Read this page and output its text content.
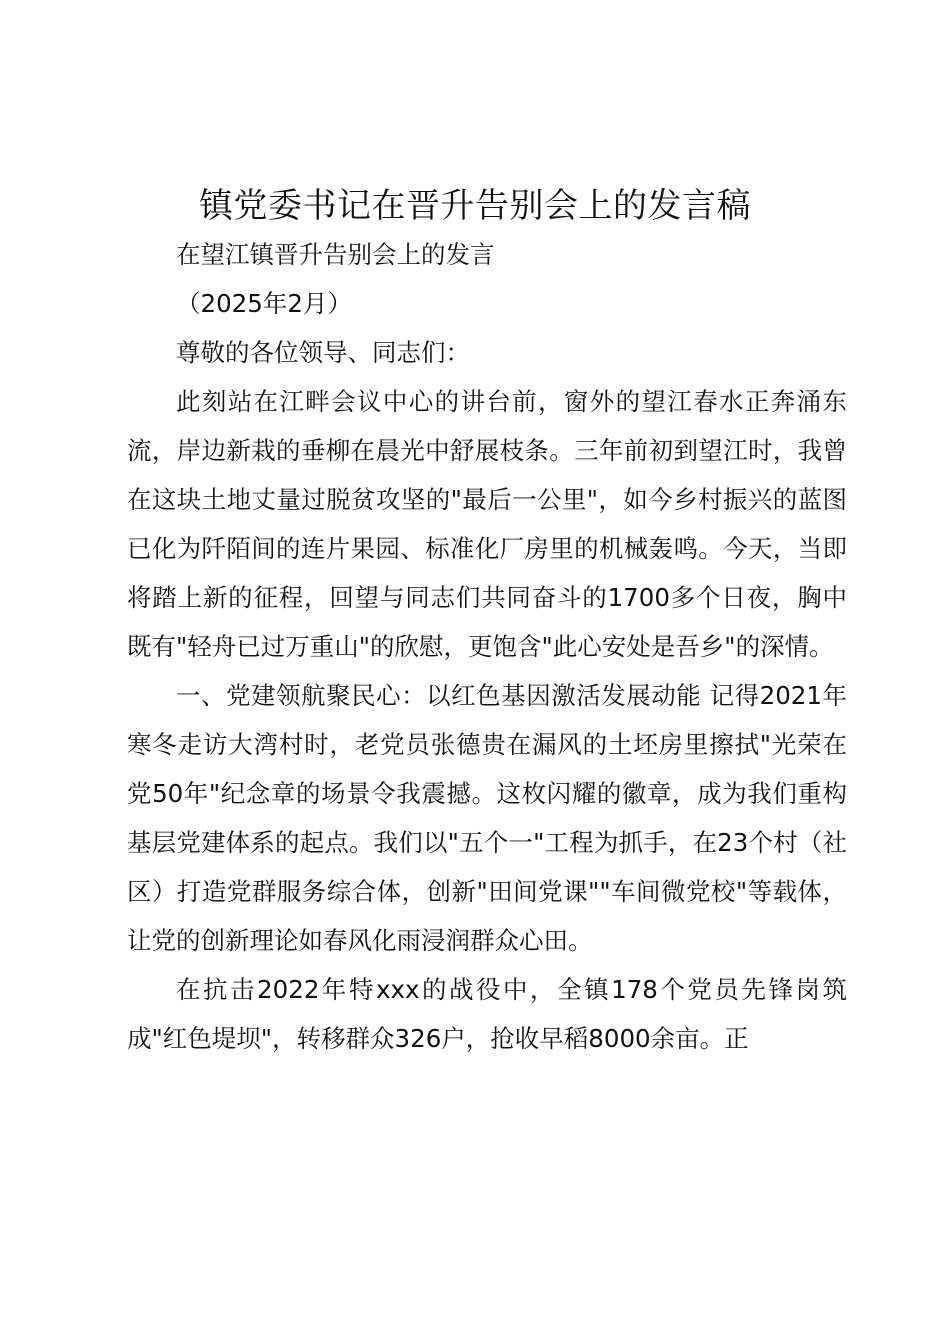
镇党委书记在晋升告别会上的发言稿

在望江镇晋升告别会上的发言

（2025年2月）

尊敬的各位领导、同志们：

此刻站在江畔会议中心的讲台前，窗外的望江春水正奔涌东流，岸边新栽的垂柳在晨光中舒展枝条。三年前初到望江时，我曾在这块土地丈量过脱贫攻坚的"最后一公里"，如今乡村振兴的蓝图已化为阡陌间的连片果园、标准化厂房里的机械轰鸣。今天，当即将踏上新的征程，回望与同志们共同奋斗的1700多个日夜，胸中既有"轻舟已过万重山"的欣慰，更饱含"此心安处是吾乡"的深情。

一、党建领航聚民心：以红色基因激活发展动能 记得2021年寒冬走访大湾村时，老党员张德贵在漏风的土坯房里擦拭"光荣在党50年"纪念章的场景令我震撼。这枚闪耀的徽章，成为我们重构基层党建体系的起点。我们以"五个一"工程为抓手，在23个村（社区）打造党群服务综合体，创新"田间党课""车间微党校"等载体，让党的创新理论如春风化雨浸润群众心田。

在抗击2022年特xxx的战役中，全镇178个党员先锋岗筑成"红色堤坝"，转移群众326户，抢收早稻8000余亩。正
